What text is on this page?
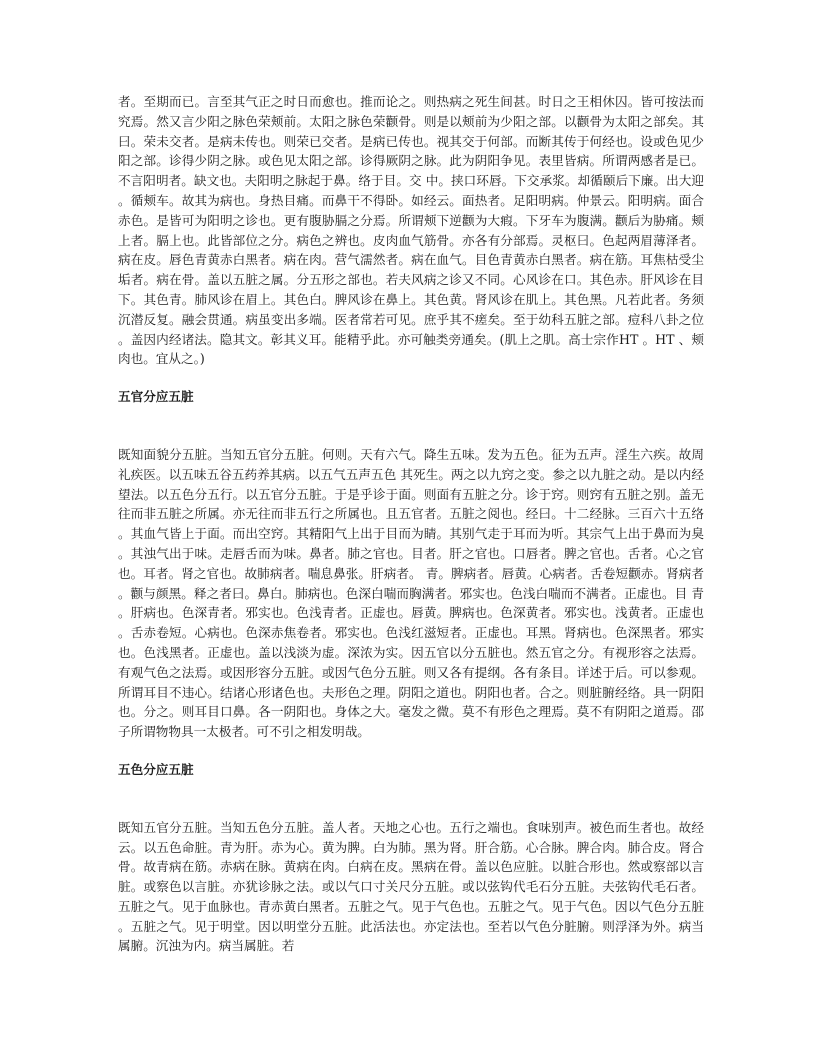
者。至期而已。言至其气正之时日而愈也。推而论之。则热病之死生间甚。时日之王相休囚。皆可按法而究焉。然又言少阳之脉色荣颊前。太阳之脉色荣颧骨。则是以颊前为少阳之部。以颧骨为太阳之部矣。其曰。荣未交者。是病未传也。则荣已交者。是病已传也。视其交于何部。而断其传于何经也。设或色见少阳之部。诊得少阴之脉。或色见太阳之部。诊得厥阴之脉。此为阴阳争见。表里皆病。所谓两感者是已。不言阳明者。缺文也。夫阳明之脉起于鼻。络于目。交 中。挟口环唇。下交承浆。却循颐后下廉。出大迎。循颊车。故其为病也。身热目痛。而鼻干不得卧。如经云。面热者。足阳明病。仲景云。阳明病。面合赤色。是皆可为阳明之诊也。更有腹胁膈之分焉。所谓颊下逆颧为大瘕。下牙车为腹满。颧后为胁痛。颊上者。膈上也。此皆部位之分。病色之辨也。皮肉血气筋骨。亦各有分部焉。灵枢曰。色起两眉薄泽者。病在皮。唇色青黄赤白黑者。病在肉。营气濡然者。病在血气。目色青黄赤白黑者。病在筋。耳焦枯受尘垢者。病在骨。盖以五脏之属。分五形之部也。若夫风病之诊又不同。心风诊在口。其色赤。肝风诊在目下。其色青。肺风诊在眉上。其色白。脾风诊在鼻上。其色黄。肾风诊在肌上。其色黑。凡若此者。务须沉潜反复。融会贯通。病虽变出多端。医者常若可见。庶乎其不瘥矣。至于幼科五脏之部。痘科八卦之位。盖因内经诸法。隐其文。彰其义耳。能精乎此。亦可触类旁通矣。(肌上之肌。高士宗作HT 。HT 、颊肉也。宜从之。)

五官分应五脏

既知面貌分五脏。当知五官分五脏。何则。天有六气。降生五味。发为五色。征为五声。淫生六疾。故周礼疾医。以五味五谷五药养其病。以五气五声五色 其死生。两之以九窍之变。参之以九脏之动。是以内经望法。以五色分五行。以五官分五脏。于是乎诊于面。则面有五脏之分。诊于窍。则窍有五脏之别。盖无往而非五脏之所属。亦无往而非五行之所属也。且五官者。五脏之阅也。经曰。十二经脉。三百六十五络。其血气皆上于面。而出空窍。其精阳气上出于目而为睛。其别气走于耳而为听。其宗气上出于鼻而为臭。其浊气出于味。走唇舌而为味。鼻者。肺之官也。目者。肝之官也。口唇者。脾之官也。舌者。心之官也。耳者。肾之官也。故肺病者。喘息鼻张。肝病者。 青。脾病者。唇黄。心病者。舌卷短颧赤。肾病者。颧与颜黑。释之者曰。鼻白。肺病也。色深白喘而胸满者。邪实也。色浅白喘而不满者。正虚也。目 青。肝病也。色深青者。邪实也。色浅青者。正虚也。唇黄。脾病也。色深黄者。邪实也。浅黄者。正虚也。舌赤卷短。心病也。色深赤焦卷者。邪实也。色浅红滋短者。正虚也。耳黑。肾病也。色深黑者。邪实也。色浅黑者。正虚也。盖以浅淡为虚。深浓为实。因五官以分五脏也。然五官之分。有视形容之法焉。有观气色之法焉。或因形容分五脏。或因气色分五脏。则又各有提纲。各有条目。详述于后。可以参观。所谓耳目不违心。结诸心形诸色也。夫形色之理。阴阳之道也。阴阳也者。合之。则脏腑经络。具一阴阳也。分之。则耳目口鼻。各一阴阳也。身体之大。毫发之微。莫不有形色之理焉。莫不有阴阳之道焉。邵子所谓物物具一太极者。可不引之相发明哉。

五色分应五脏

既知五官分五脏。当知五色分五脏。盖人者。天地之心也。五行之端也。食味别声。被色而生者也。故经云。以五色命脏。青为肝。赤为心。黄为脾。白为肺。黑为肾。肝合筋。心合脉。脾合肉。肺合皮。肾合骨。故青病在筋。赤病在脉。黄病在肉。白病在皮。黑病在骨。盖以色应脏。以脏合形也。然或察部以言脏。或察色以言脏。亦犹诊脉之法。或以气口寸关尺分五脏。或以弦钩代毛石分五脏。夫弦钩代毛石者。五脏之气。见于血脉也。青赤黄白黑者。五脏之气。见于气色也。五脏之气。见于气色。因以气色分五脏。五脏之气。见于明堂。因以明堂分五脏。此活法也。亦定法也。至若以气色分脏腑。则浮泽为外。病当属腑。沉浊为内。病当属脏。若
